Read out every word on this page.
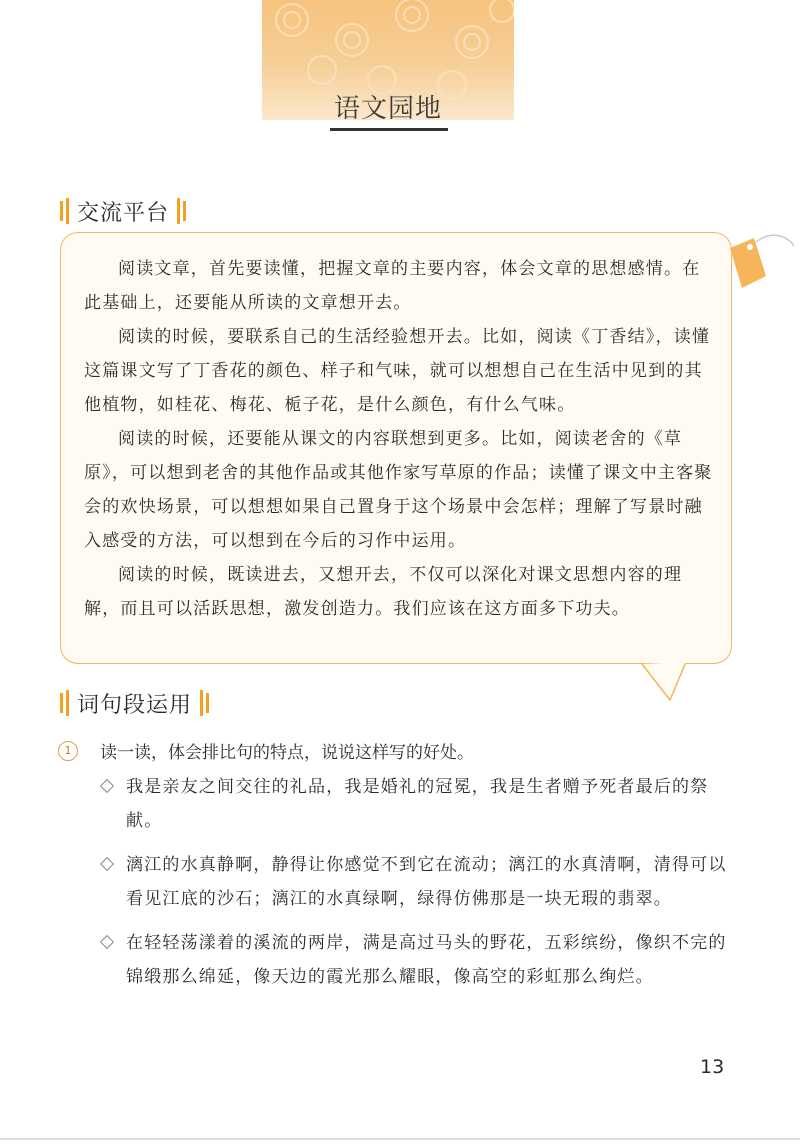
语文园地
交流平台

阅读文章，首先要读懂，把握文章的主要内容，体会文章的思想感情。在此基础上，还要能从所读的文章想开去。

阅读的时候，要联系自己的生活经验想开去。比如，阅读《丁香结》，读懂这篇课文写了丁香花的颜色、样子和气味，就可以想想自己在生活中见到的其他植物，如桂花、梅花、栀子花，是什么颜色，有什么气味。

阅读的时候，还要能从课文的内容联想到更多。比如，阅读老舍的《草原》，可以想到老舍的其他作品或其他作家写草原的作品；读懂了课文中主客聚会的欢快场景，可以想想如果自己置身于这个场景中会怎样；理解了写景时融入感受的方法，可以想到在今后的习作中运用。

阅读的时候，既读进去，又想开去，不仅可以深化对课文思想内容的理解，而且可以活跃思想，激发创造力。我们应该在这方面多下功夫。

词句段运用
1	读一读，体会排比句的特点，说说这样写的好处。
我是亲友之间交往的礼品，我是婚礼的冠冕，我是生者赠予死者最后的祭献。
漓江的水真静啊，静得让你感觉不到它在流动；漓江的水真清啊，清得可以看见江底的沙石；漓江的水真绿啊，绿得仿佛那是一块无瑕的翡翠。
在轻轻荡漾着的溪流的两岸，满是高过马头的野花，五彩缤纷，像织不完的锦缎那么绵延，像天边的霞光那么耀眼，像高空的彩虹那么绚烂。
13
